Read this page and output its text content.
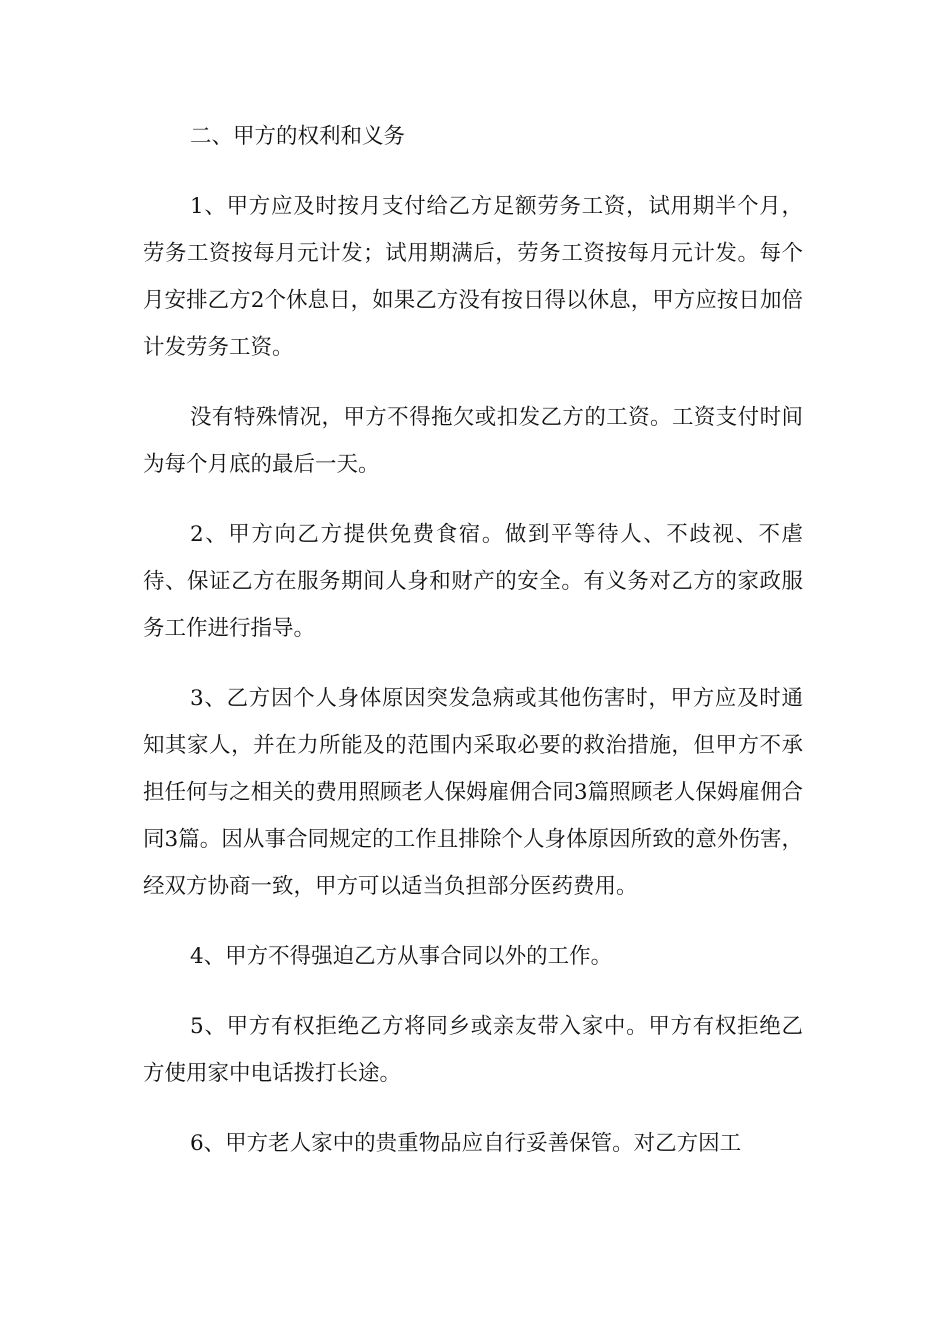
二、甲方的权利和义务

1、甲方应及时按月支付给乙方足额劳务工资，试用期半个月，劳务工资按每月元计发；试用期满后，劳务工资按每月元计发。每个月安排乙方2个休息日，如果乙方没有按日得以休息，甲方应按日加倍计发劳务工资。

没有特殊情况，甲方不得拖欠或扣发乙方的工资。工资支付时间为每个月底的最后一天。

2、甲方向乙方提供免费食宿。做到平等待人、不歧视、不虐待、保证乙方在服务期间人身和财产的安全。有义务对乙方的家政服务工作进行指导。

3、乙方因个人身体原因突发急病或其他伤害时，甲方应及时通知其家人，并在力所能及的范围内采取必要的救治措施，但甲方不承担任何与之相关的费用照顾老人保姆雇佣合同3篇照顾老人保姆雇佣合同3篇。因从事合同规定的工作且排除个人身体原因所致的意外伤害，经双方协商一致，甲方可以适当负担部分医药费用。

4、甲方不得强迫乙方从事合同以外的工作。

5、甲方有权拒绝乙方将同乡或亲友带入家中。甲方有权拒绝乙方使用家中电话拨打长途。

6、甲方老人家中的贵重物品应自行妥善保管。对乙方因工
